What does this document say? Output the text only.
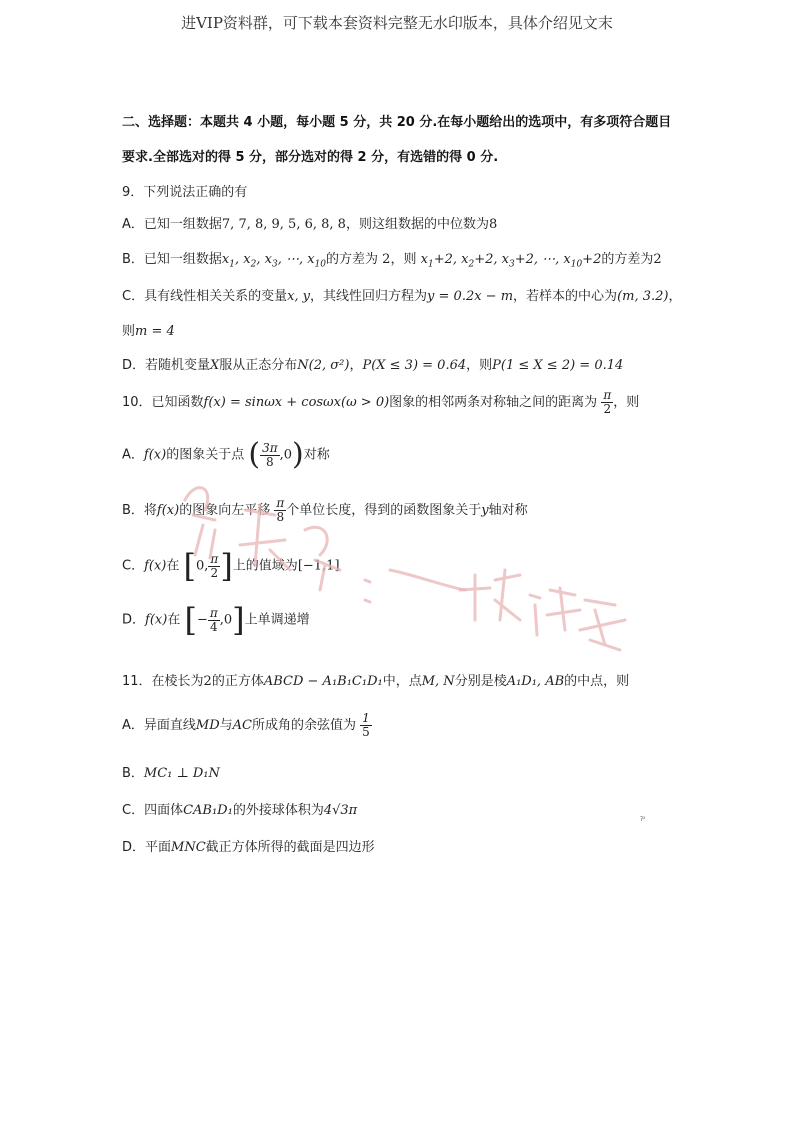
进VIP资料群，可下载本套资料完整无水印版本，具体介绍见文末
二、选择题：本题共 4 小题，每小题 5 分，共 20 分.在每小题给出的选项中，有多项符合题目
要求.全部选对的得 5 分，部分选对的得 2 分，有选错的得 0 分.
9．下列说法正确的有
A．已知一组数据7, 7, 8, 9, 5, 6, 8, 8，则这组数据的中位数为8
B．已知一组数据$x_1$, $x_2$, $x_3$, ⋯, $x_{10}$的方差为 2，则 $x_1+2$, $x_2+2$, $x_3+2$, ⋯, $x_{10}+2$的方差为2
C．具有线性相关关系的变量x, y，其线性回归方程为y = 0.2x − m，若样本的中心为(m, 3.2)，
则m = 4
D．若随机变量X服从正态分布N(2, σ²)，P(X ≤ 3) = 0.64，则P(1 ≤ X ≤ 2) = 0.14
10．已知函数f(x) = sinωx + cosωx(ω > 0)图象的相邻两条对称轴之间的距离为 $\frac{\pi}{2}$ ，则
A．f(x)的图象关于点 ( $\frac{3\pi}{8} ,0$)对称
B．将f(x)的图象向左平移 $\frac{\pi}{8}$ 个单位长度，得到的函数图象关于y轴对称
C．f(x)在 [0, $\frac{\pi}{2}$ ]上的值域为[−1,1]
D．f(x)在 [− $\frac{\pi}{4} ,0$]上单调递增
11．在棱长为2的正方体ABCD − A₁B₁C₁D₁中，点M, N分别是棱A₁D₁, AB的中点，则
A．异面直线MD与AC所成角的余弦值为 $\frac{1}{5}$
B．MC₁ ⊥ D₁N
C．四面体CAB₁D₁的外接球体积为4√3π
D．平面MNC截正方体所得的截面是四边形
ʔ²
